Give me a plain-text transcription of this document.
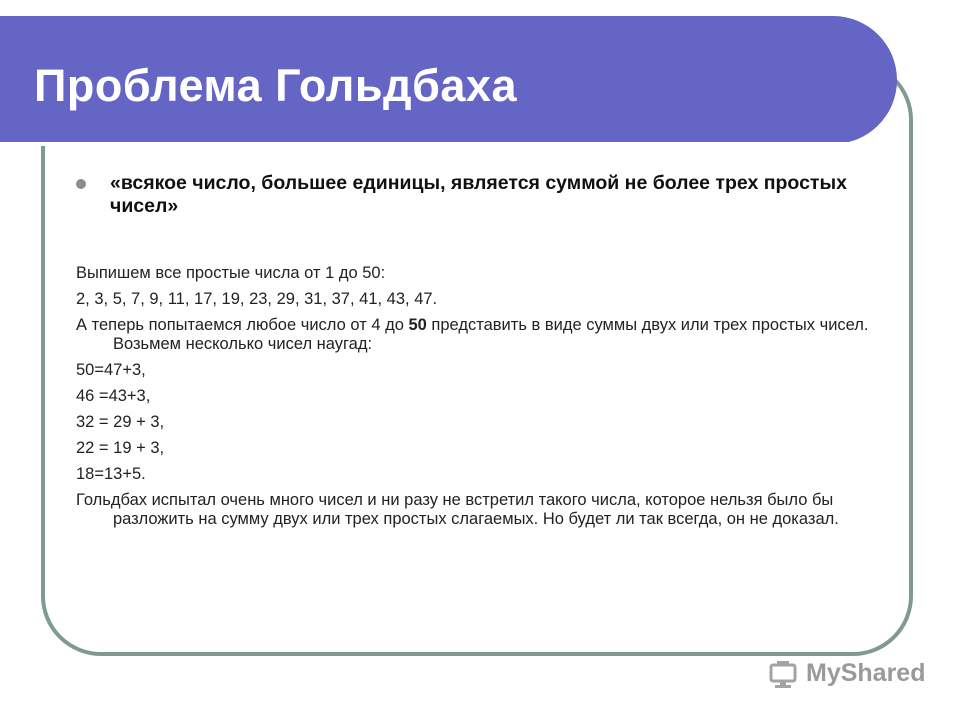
Проблема Гольдбаха

«всякое число, большее единицы, является суммой не более трех простых чисел»

Выпишем все простые числа от 1 до 50:

2, 3, 5, 7, 9, 11, 17, 19, 23, 29, 31, 37, 41, 43, 47.

А теперь попытаемся любое число от 4 до 50 представить в виде суммы двух или трех простых чисел. Возьмем несколько чисел наугад:

50=47+3,

46 =43+3,

32 = 29 + 3,

22 = 19 + 3,

18=13+5.

Гольдбах испытал очень много чисел и ни разу не встретил такого числа, которое нельзя было бы разложить на сумму двух или трех простых слагаемых. Но будет ли так всегда, он не доказал.

MyShared
